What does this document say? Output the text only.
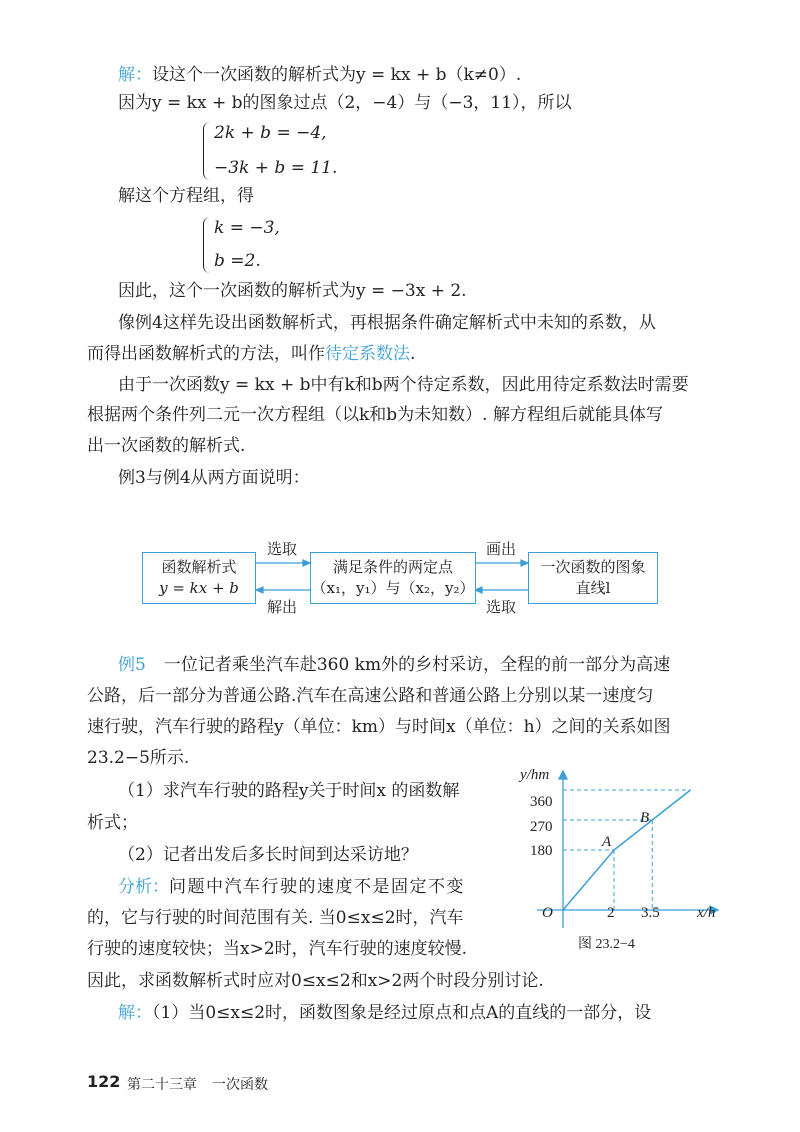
解：设这个一次函数的解析式为y = kx + b（k≠0）.
因为y = kx + b的图象过点（2，−4）与（−3，11），所以
2k + b = −4,
−3k + b = 11.
解这个方程组，得
k = −3,
b =2.
因此，这个一次函数的解析式为y = −3x + 2.
像例4这样先设出函数解析式，再根据条件确定解析式中未知的系数，从
而得出函数解析式的方法，叫作待定系数法.
由于一次函数y = kx + b中有k和b两个待定系数，因此用待定系数法时需要
根据两个条件列二元一次方程组（以k和b为未知数）. 解方程组后就能具体写
出一次函数的解析式.
例3与例4从两方面说明：
函数解析式
y = kx + b
满足条件的两定点
（x₁，y₁）与（x₂，y₂）
一次函数的图象
直线l
选取
解出
画出
选取
例5 一位记者乘坐汽车赴360 km外的乡村采访，全程的前一部分为高速
公路，后一部分为普通公路.汽车在高速公路和普通公路上分别以某一速度匀
速行驶，汽车行驶的路程y（单位：km）与时间x（单位：h）之间的关系如图
23.2−5所示.
（1）求汽车行驶的路程y关于时间x 的函数解
析式；
（2）记者出发后多长时间到达采访地？
分析：问题中汽车行驶的速度不是固定不变
的，它与行驶的时间范围有关. 当0≤x≤2时，汽车
行驶的速度较快；当x>2时，汽车行驶的速度较慢.
因此，求函数解析式时应对0≤x≤2和x>2两个时段分别讨论.
解：（1）当0≤x≤2时，函数图象是经过原点和点A的直线的一部分，设
y/hm
x/h
O
360
270
180
2 3.5
A
B
图 23.2−4
122 第二十三章 一次函数
